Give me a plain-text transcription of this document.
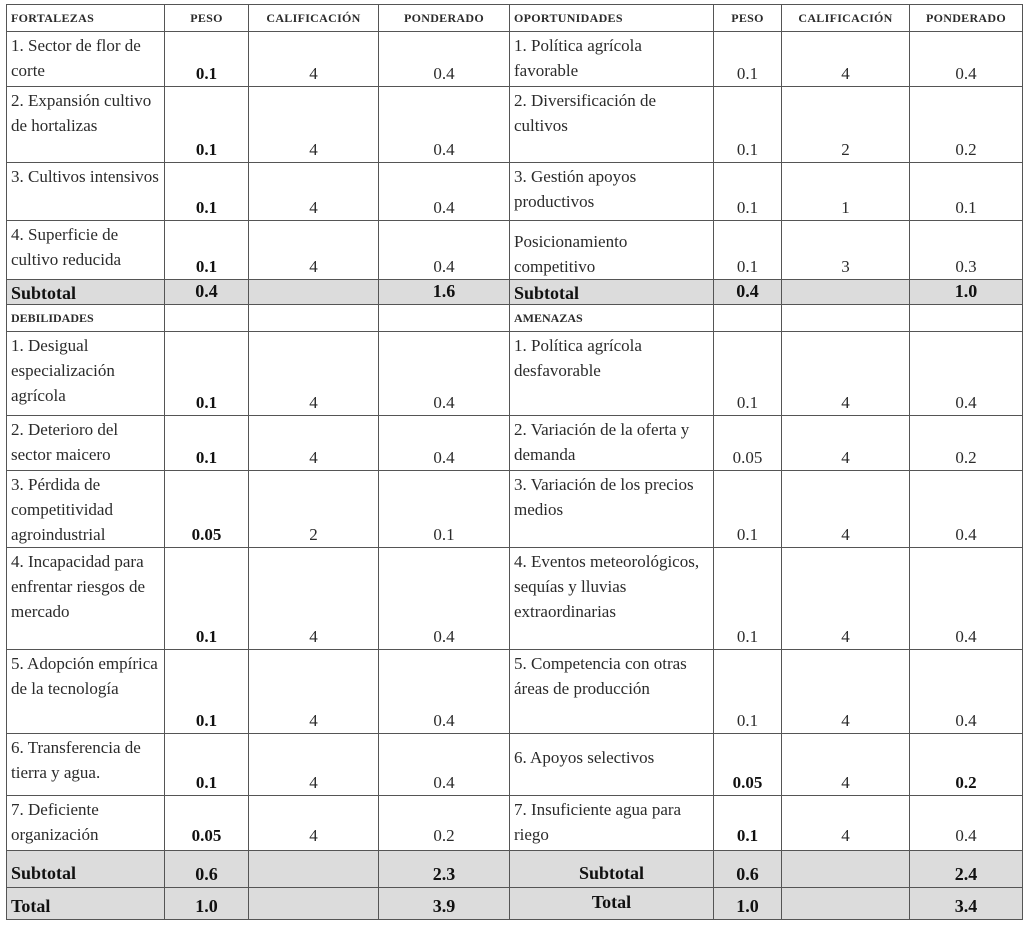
FORTALEZAS	PESO	CALIFICACIÓN	PONDERADO	OPORTUNIDADES	PESO	CALIFICACIÓN	PONDERADO
1. Sector de flor de corte	0.1	4	0.4	1. Política agrícola favorable	0.1	4	0.4
2. Expansión cultivo de hortalizas	0.1	4	0.4	2. Diversificación de cultivos	0.1	2	0.2
3. Cultivos intensivos	0.1	4	0.4	3. Gestión apoyos productivos	0.1	1	0.1
4. Superficie de cultivo reducida	0.1	4	0.4	Posicionamiento competitivo	0.1	3	0.3
Subtotal	0.4		1.6	Subtotal	0.4		1.0
DEBILIDADES				AMENAZAS			
1. Desigual especialización agrícola	0.1	4	0.4	1. Política agrícola desfavorable	0.1	4	0.4
2. Deterioro del sector maicero	0.1	4	0.4	2. Variación de la oferta y demanda	0.05	4	0.2
3. Pérdida de competitividad agroindustrial	0.05	2	0.1	3. Variación de los precios medios	0.1	4	0.4
4. Incapacidad para enfrentar riesgos de mercado	0.1	4	0.4	4. Eventos meteorológicos, sequías y lluvias extraordinarias	0.1	4	0.4
5. Adopción empírica de la tecnología	0.1	4	0.4	5. Competencia con otras áreas de producción	0.1	4	0.4
6. Transferencia de tierra y agua.	0.1	4	0.4	6. Apoyos selectivos	0.05	4	0.2
7. Deficiente organización	0.05	4	0.2	7. Insuficiente agua para riego	0.1	4	0.4
Subtotal	0.6		2.3	Subtotal	0.6		2.4
Total	1.0		3.9	Total	1.0		3.4
